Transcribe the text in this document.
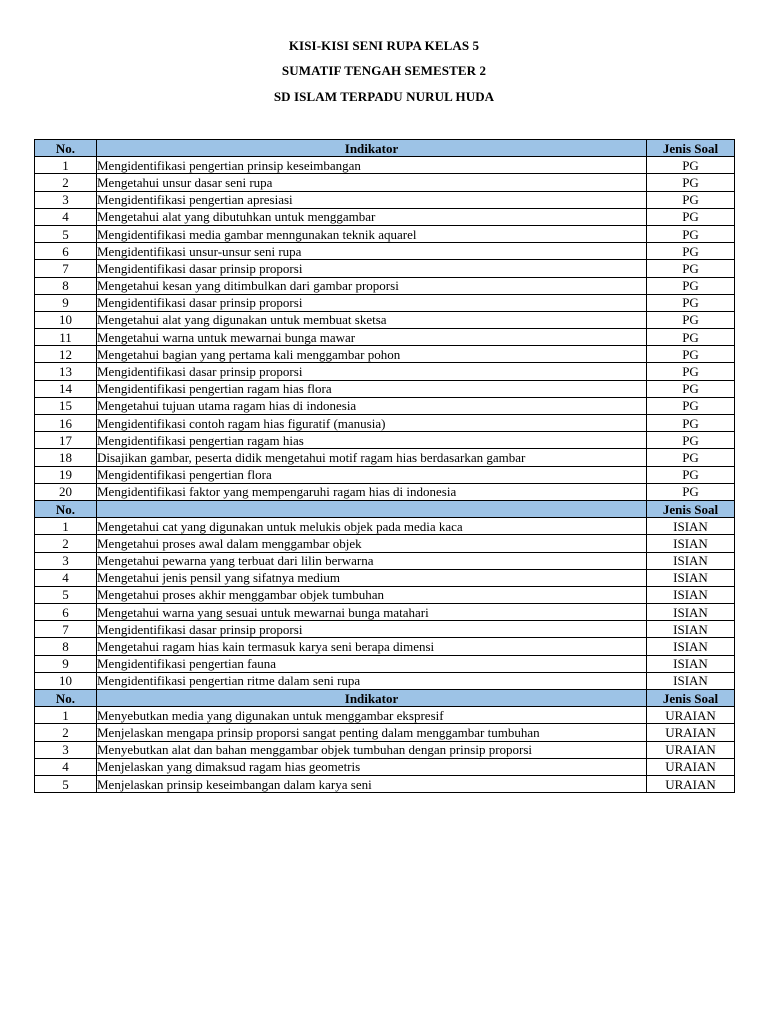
KISI-KISI SENI RUPA KELAS 5
SUMATIF TENGAH SEMESTER 2
SD ISLAM TERPADU NURUL HUDA
No.	Indikator	Jenis Soal
1	Mengidentifikasi pengertian prinsip keseimbangan	PG
2	Mengetahui unsur dasar seni rupa	PG
3	Mengidentifikasi pengertian apresiasi	PG
4	Mengetahui alat yang dibutuhkan untuk menggambar	PG
5	Mengidentifikasi media gambar menngunakan teknik aquarel	PG
6	Mengidentifikasi unsur-unsur seni rupa	PG
7	Mengidentifikasi dasar prinsip proporsi	PG
8	Mengetahui kesan yang ditimbulkan dari gambar proporsi	PG
9	Mengidentifikasi dasar prinsip proporsi	PG
10	Mengetahui alat yang digunakan untuk membuat sketsa	PG
11	Mengetahui warna untuk mewarnai bunga mawar	PG
12	Mengetahui bagian yang pertama kali menggambar pohon	PG
13	Mengidentifikasi dasar prinsip proporsi	PG
14	Mengidentifikasi pengertian ragam hias flora	PG
15	Mengetahui tujuan utama ragam hias di indonesia	PG
16	Mengidentifikasi contoh ragam hias figuratif (manusia)	PG
17	Mengidentifikasi pengertian ragam hias	PG
18	Disajikan gambar, peserta didik mengetahui motif ragam hias berdasarkan gambar	PG
19	Mengidentifikasi pengertian flora	PG
20	Mengidentifikasi faktor yang mempengaruhi ragam hias di indonesia	PG
No.		Jenis Soal
1	Mengetahui cat yang digunakan untuk melukis objek pada media kaca	ISIAN
2	Mengetahui proses awal dalam menggambar objek	ISIAN
3	Mengetahui pewarna yang terbuat dari lilin berwarna	ISIAN
4	Mengetahui jenis pensil yang sifatnya medium	ISIAN
5	Mengetahui proses akhir menggambar objek tumbuhan	ISIAN
6	Mengetahui warna yang sesuai untuk mewarnai bunga matahari	ISIAN
7	Mengidentifikasi dasar prinsip proporsi	ISIAN
8	Mengetahui ragam hias kain termasuk karya seni berapa dimensi	ISIAN
9	Mengidentifikasi pengertian fauna	ISIAN
10	Mengidentifikasi pengertian ritme dalam seni rupa	ISIAN
No.	Indikator	Jenis Soal
1	Menyebutkan media yang digunakan untuk menggambar ekspresif	URAIAN
2	Menjelaskan mengapa prinsip proporsi sangat penting dalam menggambar tumbuhan	URAIAN
3	Menyebutkan alat dan bahan menggambar objek tumbuhan dengan prinsip proporsi	URAIAN
4	Menjelaskan yang dimaksud ragam hias geometris	URAIAN
5	Menjelaskan prinsip keseimbangan dalam karya seni	URAIAN
